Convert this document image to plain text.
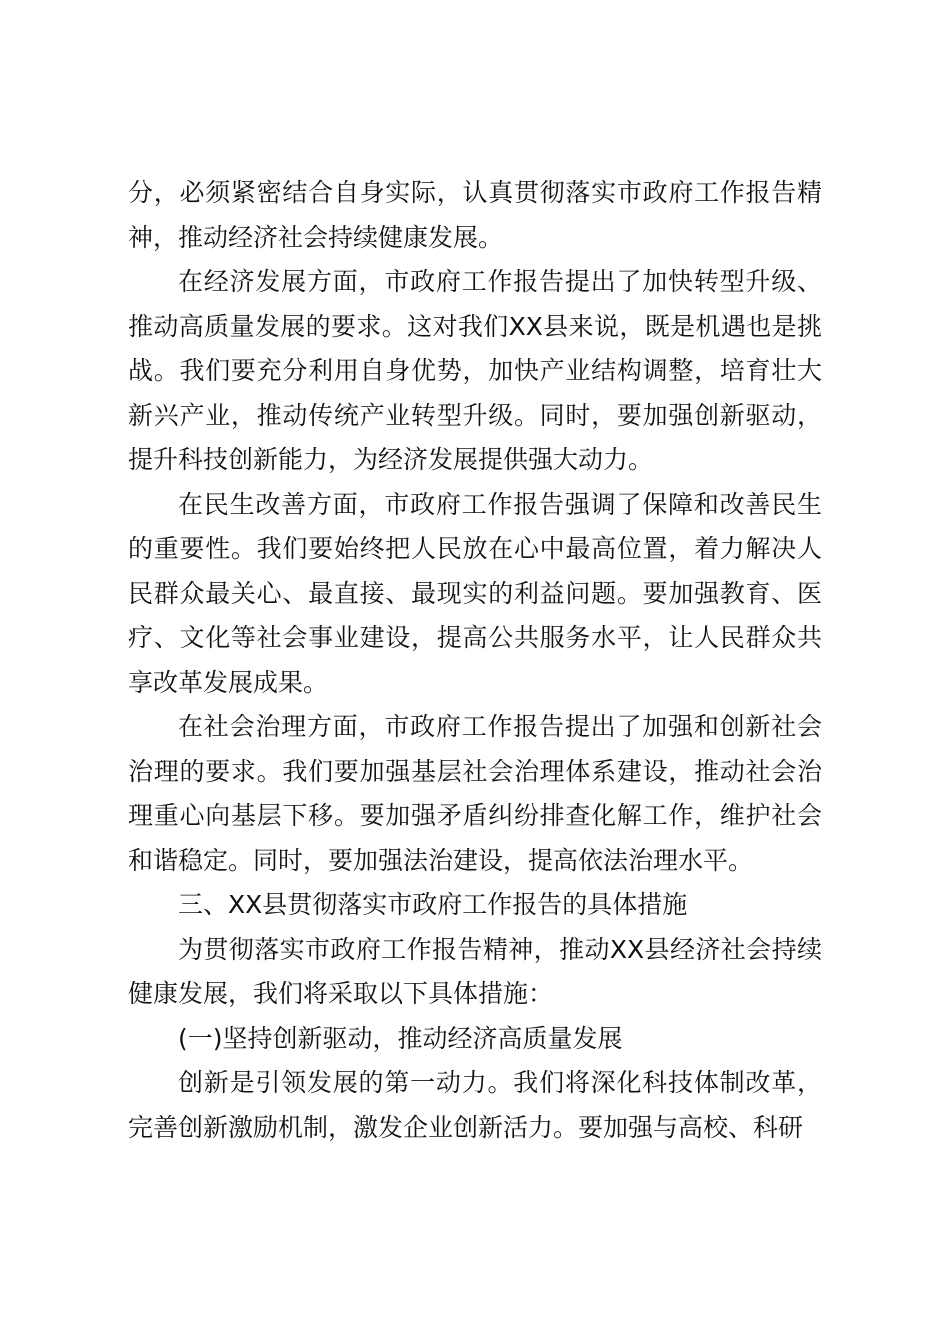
分，必须紧密结合自身实际，认真贯彻落实市政府工作报告精神，推动经济社会持续健康发展。

在经济发展方面，市政府工作报告提出了加快转型升级、推动高质量发展的要求。这对我们XX县来说，既是机遇也是挑战。我们要充分利用自身优势，加快产业结构调整，培育壮大新兴产业，推动传统产业转型升级。同时，要加强创新驱动，提升科技创新能力，为经济发展提供强大动力。

在民生改善方面，市政府工作报告强调了保障和改善民生的重要性。我们要始终把人民放在心中最高位置，着力解决人民群众最关心、最直接、最现实的利益问题。要加强教育、医疗、文化等社会事业建设，提高公共服务水平，让人民群众共享改革发展成果。

在社会治理方面，市政府工作报告提出了加强和创新社会治理的要求。我们要加强基层社会治理体系建设，推动社会治理重心向基层下移。要加强矛盾纠纷排查化解工作，维护社会和谐稳定。同时，要加强法治建设，提高依法治理水平。

三、XX县贯彻落实市政府工作报告的具体措施

为贯彻落实市政府工作报告精神，推动XX县经济社会持续健康发展，我们将采取以下具体措施：

(一)坚持创新驱动，推动经济高质量发展

创新是引领发展的第一动力。我们将深化科技体制改革，完善创新激励机制，激发企业创新活力。要加强与高校、科研
